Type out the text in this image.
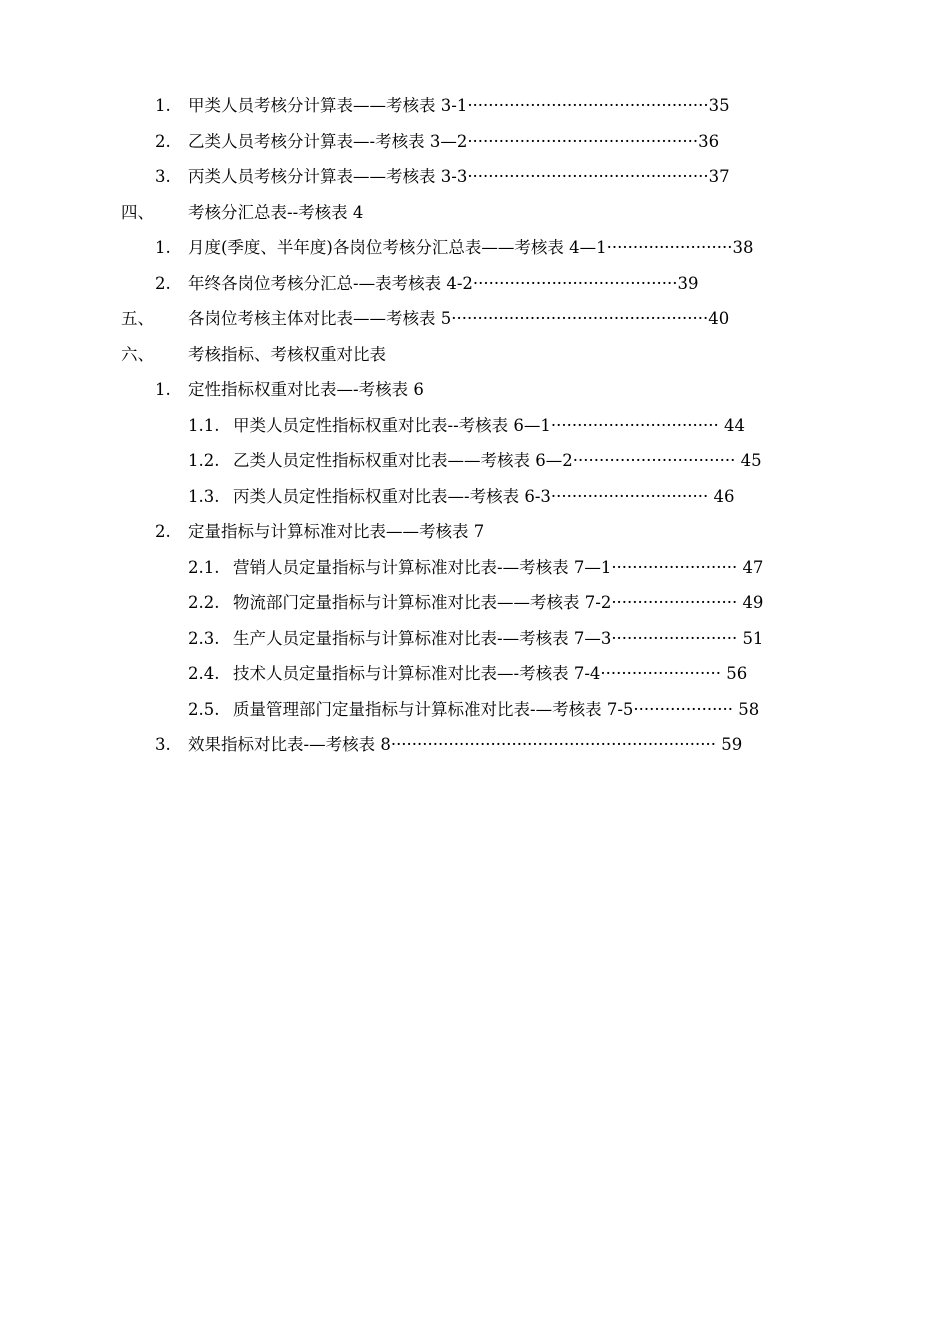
1. 甲类人员考核分计算表——考核表 3-1··············································35
2. 乙类人员考核分计算表—-考核表 3—2············································36
3. 丙类人员考核分计算表——考核表 3-3··············································37
四、 考核分汇总表--考核表 4
1. 月度(季度、半年度)各岗位考核分汇总表——考核表 4—1························38
2. 年终各岗位考核分汇总-—表考核表 4-2·······································39
五、 各岗位考核主体对比表——考核表 5·················································40
六、 考核指标、考核权重对比表
1. 定性指标权重对比表—-考核表 6
1.1. 甲类人员定性指标权重对比表--考核表 6—1································ 44
1.2. 乙类人员定性指标权重对比表——考核表 6—2······························· 45
1.3. 丙类人员定性指标权重对比表—-考核表 6-3······························ 46
2. 定量指标与计算标准对比表——考核表 7
2.1. 营销人员定量指标与计算标准对比表-—考核表 7—1························ 47
2.2. 物流部门定量指标与计算标准对比表——考核表 7-2························ 49
2.3. 生产人员定量指标与计算标准对比表-—考核表 7—3························ 51
2.4. 技术人员定量指标与计算标准对比表—-考核表 7-4······················· 56
2.5. 质量管理部门定量指标与计算标准对比表-—考核表 7-5··················· 58
3. 效果指标对比表-—考核表 8······························································ 59
